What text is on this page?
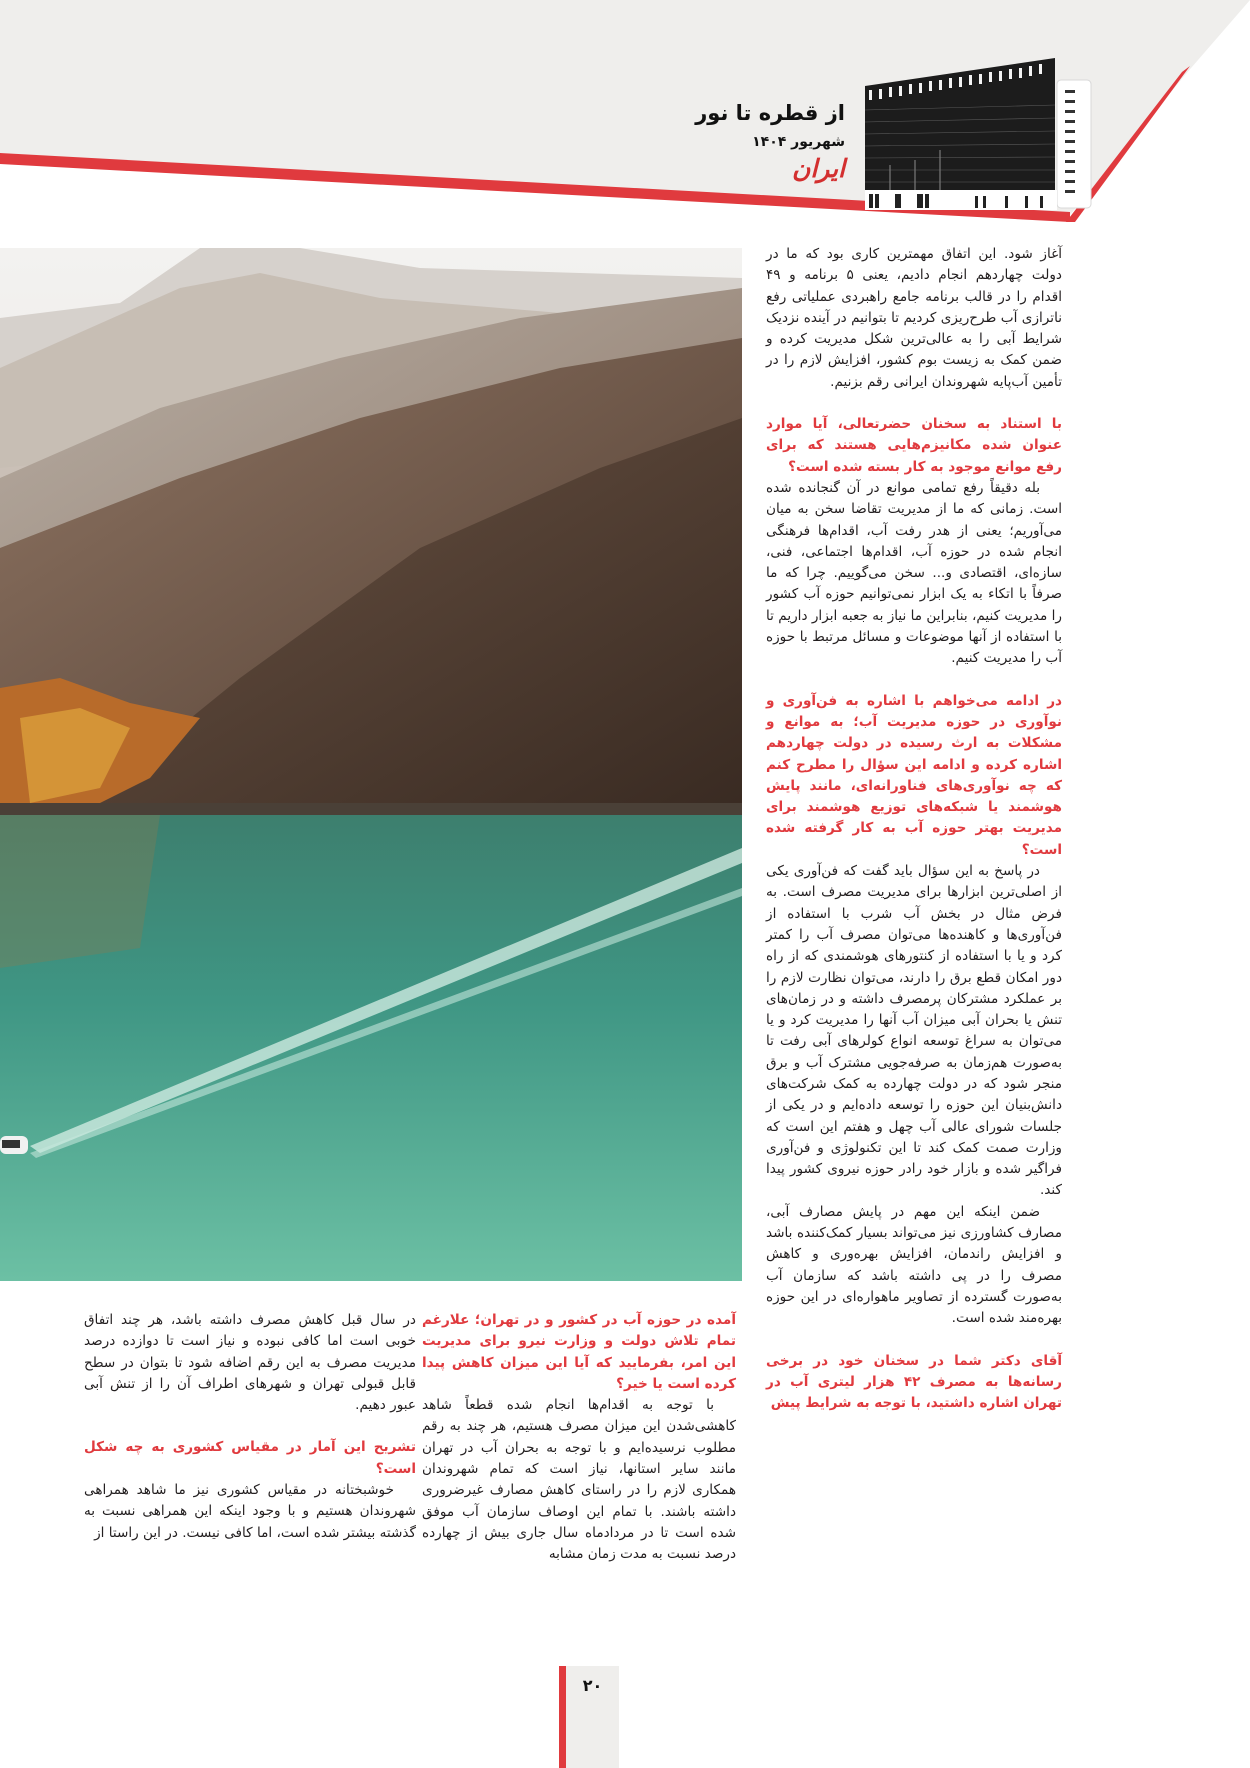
از قطره تا نور
شهریور ۱۴۰۴
ایران

آغاز شود. این اتفاق مهمترین کاری بود که ما در دولت چهاردهم انجام دادیم، یعنی ۵ برنامه و ۴۹ اقدام را در قالب برنامه جامع راهبردی عملیاتی رفع ناترازی آب طرح‌ریزی کردیم تا بتوانیم در آینده نزدیک شرایط آبی را به عالی‌ترین شکل مدیریت کرده و ضمن کمک به زیست بوم کشور، افزایش لازم را در تأمین آب‌پایه شهروندان ایرانی رقم بزنیم.

با استناد به سخنان حضرتعالی، آیا موارد عنوان شده مکانیزم‌هایی هستند که برای رفع موانع موجود به کار بسته شده است؟

بله دقیقاً رفع تمامی موانع در آن گنجانده شده است. زمانی که ما از مدیریت تقاضا سخن به میان می‌آوریم؛ یعنی از هدر رفت آب، اقدام‌ها فرهنگی انجام شده در حوزه آب، اقدام‌ها اجتماعی، فنی، سازه‌ای، اقتصادی و... سخن می‌گوییم. چرا که ما صرفاً با اتکاء به یک ابزار نمی‌توانیم حوزه آب کشور را مدیریت کنیم، بنابراین ما نیاز به جعبه ابزار داریم تا با استفاده از آنها موضوعات و مسائل مرتبط با حوزه آب را مدیریت کنیم.

در ادامه می‌خواهم با اشاره به فن‌آوری و نوآوری در حوزه مدیریت آب؛ به موانع و مشکلات به ارث رسیده در دولت چهاردهم اشاره کرده و ادامه این سؤال را مطرح کنم که چه نوآوری‌های فناورانه‌ای، مانند پایش هوشمند یا شبکه‌های توزیع هوشمند برای مدیریت بهتر حوزه آب به کار گرفته شده است؟

در پاسخ به این سؤال باید گفت که فن‌آوری یکی از اصلی‌ترین ابزارها برای مدیریت مصرف است. به فرض مثال در بخش آب شرب با استفاده از فن‌آوری‌ها و کاهنده‌ها می‌توان مصرف آب را کمتر کرد و یا با استفاده از کنتورهای هوشمندی که از راه دور امکان قطع برق را دارند، می‌توان نظارت لازم را بر عملکرد مشترکان پرمصرف داشته و در زمان‌های تنش یا بحران آبی میزان آب آنها را مدیریت کرد و یا می‌توان به سراغ توسعه انواع کولرهای آبی رفت تا به‌صورت هم‌زمان به صرفه‌جویی مشترک آب و برق منجر شود که در دولت چهارده به کمک شرکت‌های دانش‌بنیان این حوزه را توسعه داده‌ایم و در یکی از جلسات شورای عالی آب چهل و هفتم این است که وزارت صمت کمک کند تا این تکنولوژی و فن‌آوری فراگیر شده و بازار خود رادر حوزه نیروی کشور پیدا کند.

ضمن اینکه این مهم در پایش مصارف آبی، مصارف کشاورزی نیز می‌تواند بسیار کمک‌کننده باشد و افزایش راندمان، افزایش بهره‌وری و کاهش مصرف را در پی داشته باشد که سازمان آب به‌صورت گسترده از تصاویر ماهواره‌ای در این حوزه بهره‌مند شده است.

آقای دکتر شما در سخنان خود در برخی رسانه‌ها به مصرف ۴۲ هزار لیتری آب در تهران اشاره داشتید، با توجه به شرایط پیش

آمده در حوزه آب در کشور و در تهران؛ علارغم تمام تلاش دولت و وزارت نیرو برای مدیریت این امر، بفرمایید که آیا این میزان کاهش پیدا کرده است یا خیر؟

با توجه به اقدام‌ها انجام شده قطعاً شاهد کاهشی‌شدن این میزان مصرف هستیم، هر چند به رقم مطلوب نرسیده‌ایم و با توجه به بحران آب در تهران مانند سایر استانها، نیاز است که تمام شهروندان همکاری لازم را در راستای کاهش مصارف غیرضروری داشته باشند. با تمام این اوصاف سازمان آب موفق شده است تا در مردادماه سال جاری بیش از چهارده درصد نسبت به مدت زمان مشابه

در سال قبل کاهش مصرف داشته باشد، هر چند اتفاق خوبی است اما کافی نبوده و نیاز است تا دوازده درصد مدیریت مصرف به این رقم اضافه شود تا بتوان در سطح قابل قبولی تهران و شهرهای اطراف آن را از تنش آبی عبور دهیم.

تشریح این آمار در مقیاس کشوری به چه شکل است؟

خوشبختانه در مقیاس کشوری نیز ما شاهد همراهی شهروندان هستیم و با وجود اینکه این همراهی نسبت به گذشته بیشتر شده است، اما کافی نیست. در این راستا از

۲۰
